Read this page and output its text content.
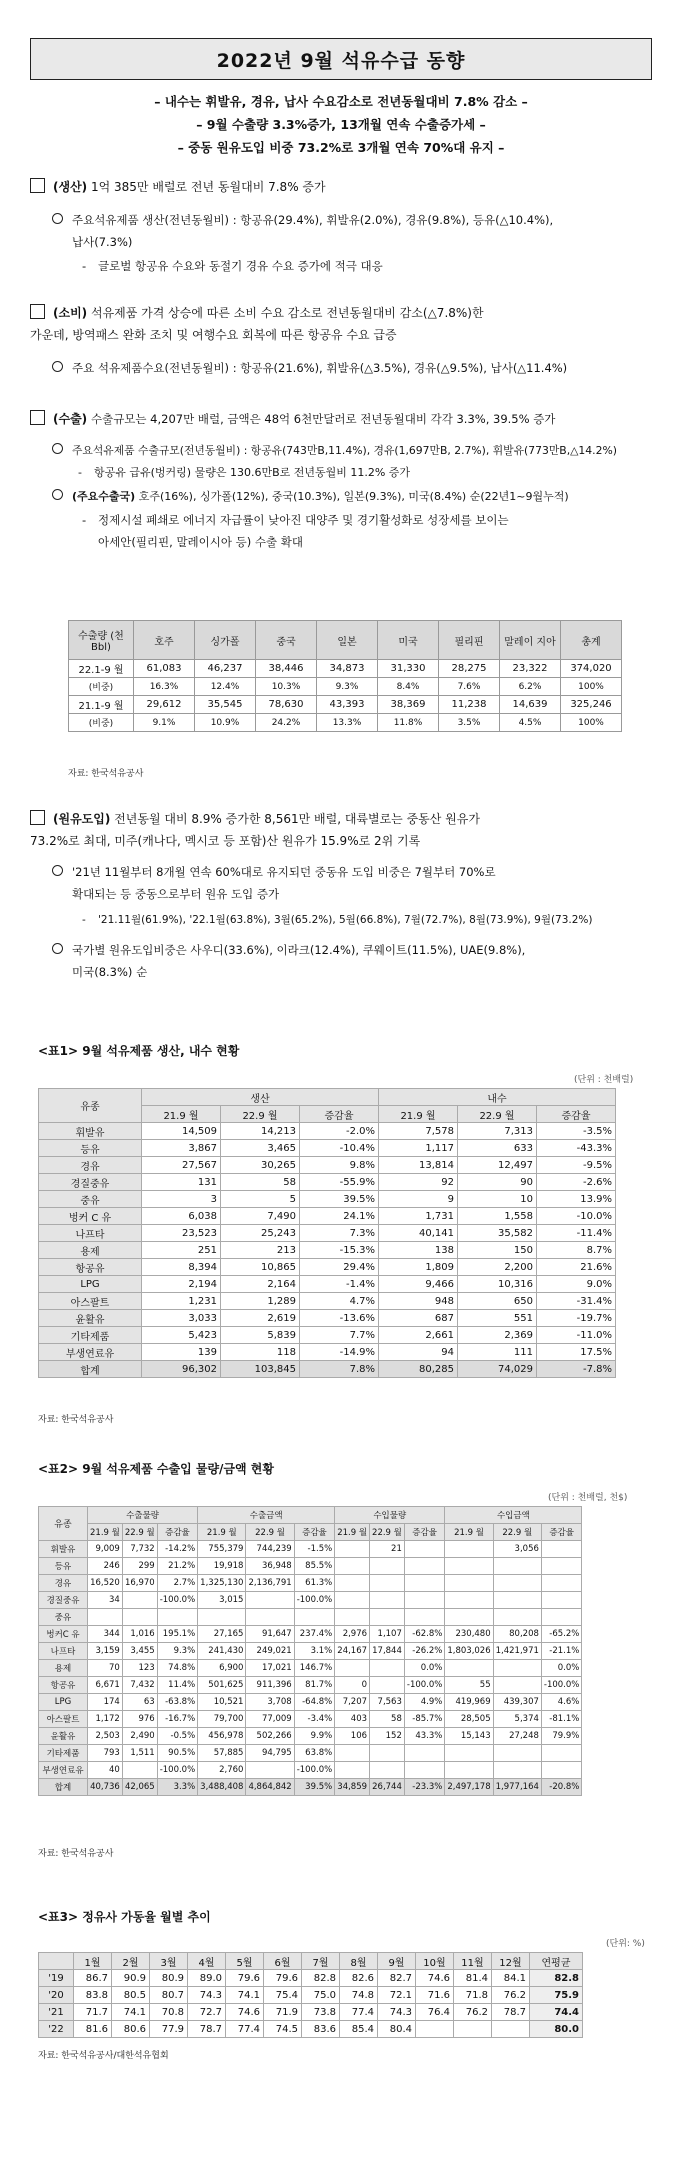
2022년 9월 석유수급 동향
– 내수는 휘발유, 경유, 납사 수요감소로 전년동월대비 7.8% 감소 –
– 9월 수출량 3.3%증가, 13개월 연속 수출증가세 –
– 중동 원유도입 비중 73.2%로 3개월 연속 70%대 유지 –
(생산) 1억 385만 배럴로 전년 동월대비 7.8% 증가
주요석유제품 생산(전년동월비) : 항공유(29.4%), 휘발유(2.0%), 경유(9.8%), 등유(△10.4%),
납사(7.3%)
- 글로벌 항공유 수요와 동절기 경유 수요 증가에 적극 대응
(소비) 석유제품 가격 상승에 따른 소비 수요 감소로 전년동월대비 감소(△7.8%)한
가운데, 방역패스 완화 조치 및 여행수요 회복에 따른 항공유 수요 급증
주요 석유제품수요(전년동월비) : 항공유(21.6%), 휘발유(△3.5%), 경유(△9.5%), 납사(△11.4%)
(수출) 수출규모는 4,207만 배럴, 금액은 48억 6천만달러로 전년동월대비 각각 3.3%, 39.5% 증가
주요석유제품 수출규모(전년동월비) : 항공유(743만B,11.4%), 경유(1,697만B, 2.7%), 휘발유(773만B,△14.2%)
- 항공유 급유(벙커링) 물량은 130.6만B로 전년동월비 11.2% 증가
(주요수출국) 호주(16%), 싱가폴(12%), 중국(10.3%), 일본(9.3%), 미국(8.4%) 순(22년1~9월누적)
- 정제시설 폐쇄로 에너지 자급률이 낮아진 대양주 및 경기활성화로 성장세를 보이는
아세안(필리핀, 말레이시아 등) 수출 확대
수출량 (천 Bbl)	호주	싱가폴	중국	일본	미국	필리핀	말레이 지아	총계
22.1-9 월	61,083	46,237	38,446	34,873	31,330	28,275	23,322	374,020
(비중)	16.3%	12.4%	10.3%	9.3%	8.4%	7.6%	6.2%	100%
21.1-9 월	29,612	35,545	78,630	43,393	38,369	11,238	14,639	325,246
(비중)	9.1%	10.9%	24.2%	13.3%	11.8%	3.5%	4.5%	100%
자료: 한국석유공사
(원유도입) 전년동월 대비 8.9% 증가한 8,561만 배럴, 대륙별로는 중동산 원유가
73.2%로 최대, 미주(캐나다, 멕시코 등 포함)산 원유가 15.9%로 2위 기록
'21년 11월부터 8개월 연속 60%대로 유지되던 중동유 도입 비중은 7월부터 70%로
확대되는 등 중동으로부터 원유 도입 증가
- '21.11월(61.9%), '22.1월(63.8%), 3월(65.2%), 5월(66.8%), 7월(72.7%), 8월(73.9%), 9월(73.2%)
국가별 원유도입비중은 사우디(33.6%), 이라크(12.4%), 쿠웨이트(11.5%), UAE(9.8%),
미국(8.3%) 순
<표1> 9월 석유제품 생산, 내수 현황
(단위 : 천배럴)
유종	생산			내수		
	21.9 월	22.9 월	증감율	21.9 월	22.9 월	증감율
휘발유	14,509	14,213	-2.0%	7,578	7,313	-3.5%
등유	3,867	3,465	-10.4%	1,117	633	-43.3%
경유	27,567	30,265	9.8%	13,814	12,497	-9.5%
경질중유	131	58	-55.9%	92	90	-2.6%
중유	3	5	39.5%	9	10	13.9%
벙커 C 유	6,038	7,490	24.1%	1,731	1,558	-10.0%
나프타	23,523	25,243	7.3%	40,141	35,582	-11.4%
용제	251	213	-15.3%	138	150	8.7%
항공유	8,394	10,865	29.4%	1,809	2,200	21.6%
LPG	2,194	2,164	-1.4%	9,466	10,316	9.0%
아스팔트	1,231	1,289	4.7%	948	650	-31.4%
윤활유	3,033	2,619	-13.6%	687	551	-19.7%
기타제품	5,423	5,839	7.7%	2,661	2,369	-11.0%
부생연료유	139	118	-14.9%	94	111	17.5%
합계	96,302	103,845	7.8%	80,285	74,029	-7.8%
자료: 한국석유공사
<표2> 9월 석유제품 수출입 물량/금액 현황
(단위 : 천배럴, 천$)
유종	수출물량			수출금액			수입물량			수입금액		
	21.9 월	22.9 월	증감율	21.9 월	22.9 월	증감율	21.9 월	22.9 월	증감율	21.9 월	22.9 월	증감율
휘발유	9,009	7,732	-14.2%	755,379	744,239	-1.5%		21			3,056	
등유	246	299	21.2%	19,918	36,948	85.5%						
경유	16,520	16,970	2.7%	1,325,130	2,136,791	61.3%						
경질중유	34		-100.0%	3,015		-100.0%						
중유												
벙커C 유	344	1,016	195.1%	27,165	91,647	237.4%	2,976	1,107	-62.8%	230,480	80,208	-65.2%
나프타	3,159	3,455	9.3%	241,430	249,021	3.1%	24,167	17,844	-26.2%	1,803,026	1,421,971	-21.1%
용제	70	123	74.8%	6,900	17,021	146.7%			0.0%			0.0%
항공유	6,671	7,432	11.4%	501,625	911,396	81.7%	0		-100.0%	55		-100.0%
LPG	174	63	-63.8%	10,521	3,708	-64.8%	7,207	7,563	4.9%	419,969	439,307	4.6%
아스팔트	1,172	976	-16.7%	79,700	77,009	-3.4%	403	58	-85.7%	28,505	5,374	-81.1%
윤활유	2,503	2,490	-0.5%	456,978	502,266	9.9%	106	152	43.3%	15,143	27,248	79.9%
기타제품	793	1,511	90.5%	57,885	94,795	63.8%						
부생연료유	40		-100.0%	2,760		-100.0%						
합계	40,736	42,065	3.3%	3,488,408	4,864,842	39.5%	34,859	26,744	-23.3%	2,497,178	1,977,164	-20.8%
자료: 한국석유공사
<표3> 정유사 가동율 월별 추이
(단위: %)
	1월	2월	3월	4월	5월	6월	7월	8월	9월	10월	11월	12월	연평균
'19	86.7	90.9	80.9	89.0	79.6	79.6	82.8	82.6	82.7	74.6	81.4	84.1	82.8
'20	83.8	80.5	80.7	74.3	74.1	75.4	75.0	74.8	72.1	71.6	71.8	76.2	75.9
'21	71.7	74.1	70.8	72.7	74.6	71.9	73.8	77.4	74.3	76.4	76.2	78.7	74.4
'22	81.6	80.6	77.9	78.7	77.4	74.5	83.6	85.4	80.4				80.0
자료: 한국석유공사/대한석유협회
